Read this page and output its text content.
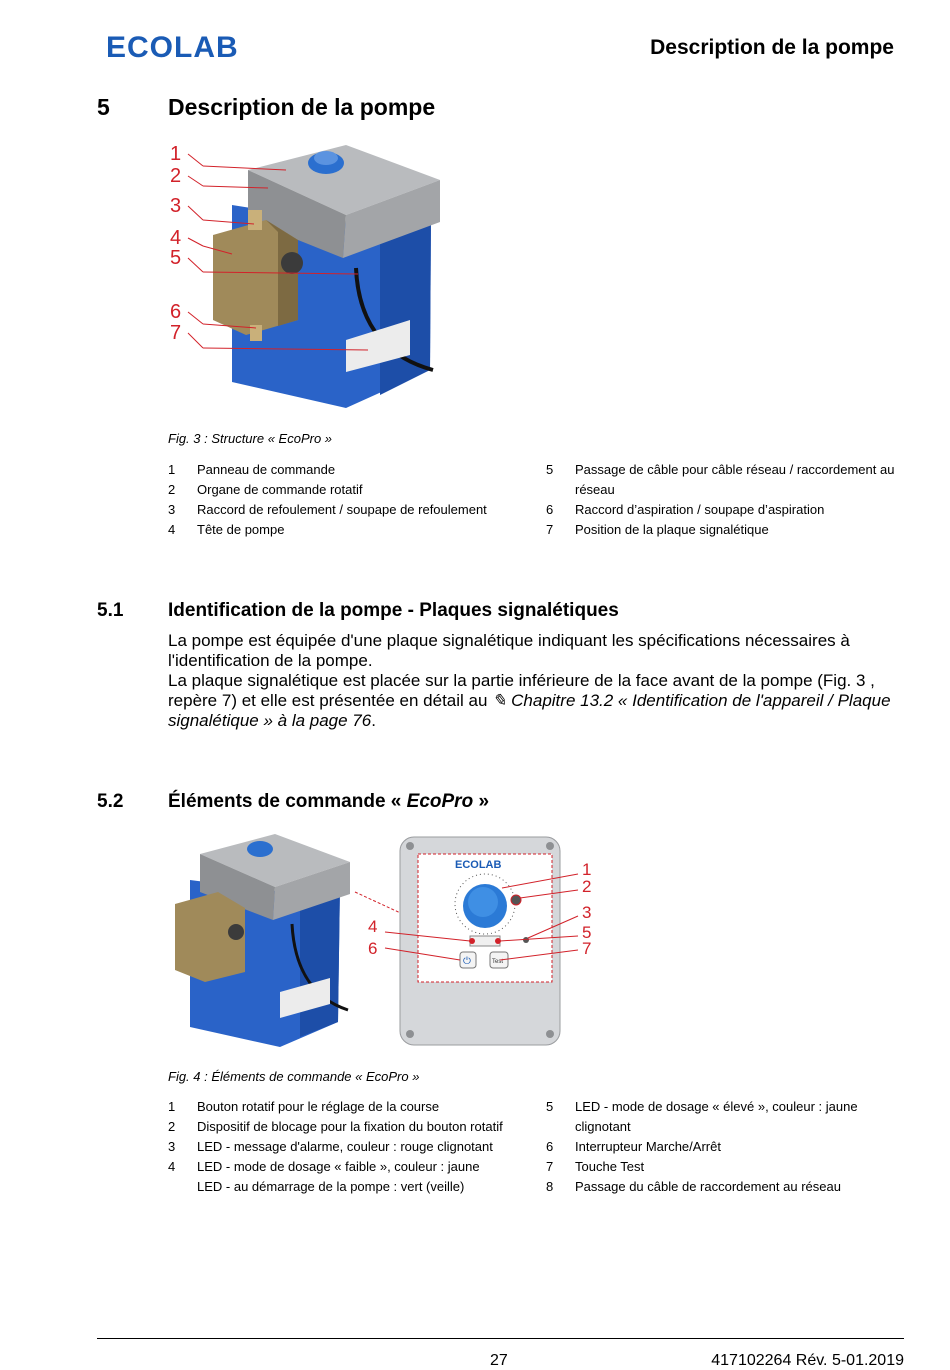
ECOLAB	Description de la pompe
5	Description de la pompe
1
2
3
4
5
6
7
Fig. 3 : Structure « EcoPro »
1	Panneau de commande
2	Organe de commande rotatif
3	Raccord de refoulement / soupape de refoulement
4	Tête de pompe
5	Passage de câble pour câble réseau / raccordement au réseau
6	Raccord d’aspiration / soupape d’aspiration
7	Position de la plaque signalétique
5.1 Identification de la pompe - Plaques signalétiques

La pompe est équipée d'une plaque signalétique indiquant les spécifications nécessaires à l'identification de la pompe.

La plaque signalétique est placée sur la partie inférieure de la face avant de la pompe (Fig. 3 , repère 7) et elle est présentée en détail au ✎ Chapitre 13.2 « Identification de l'appareil / Plaque signalétique » à la page 76.

5.2 Éléments de commande « EcoPro »
ECOLAB
⏻	Test
1
2
3
5
7
4
6
Fig. 4 : Éléments de commande « EcoPro »
1	Bouton rotatif pour le réglage de la course
2	Dispositif de blocage pour la fixation du bouton rotatif
3	LED - message d'alarme, couleur : rouge clignotant
4	LED - mode de dosage « faible », couleur : jaune
LED - au démarrage de la pompe : vert (veille)
5	LED - mode de dosage « élevé », couleur : jaune clignotant
6	Interrupteur Marche/Arrêt
7	Touche Test
8	Passage du câble de raccordement au réseau
27	417102264 Rév. 5-01.2019
